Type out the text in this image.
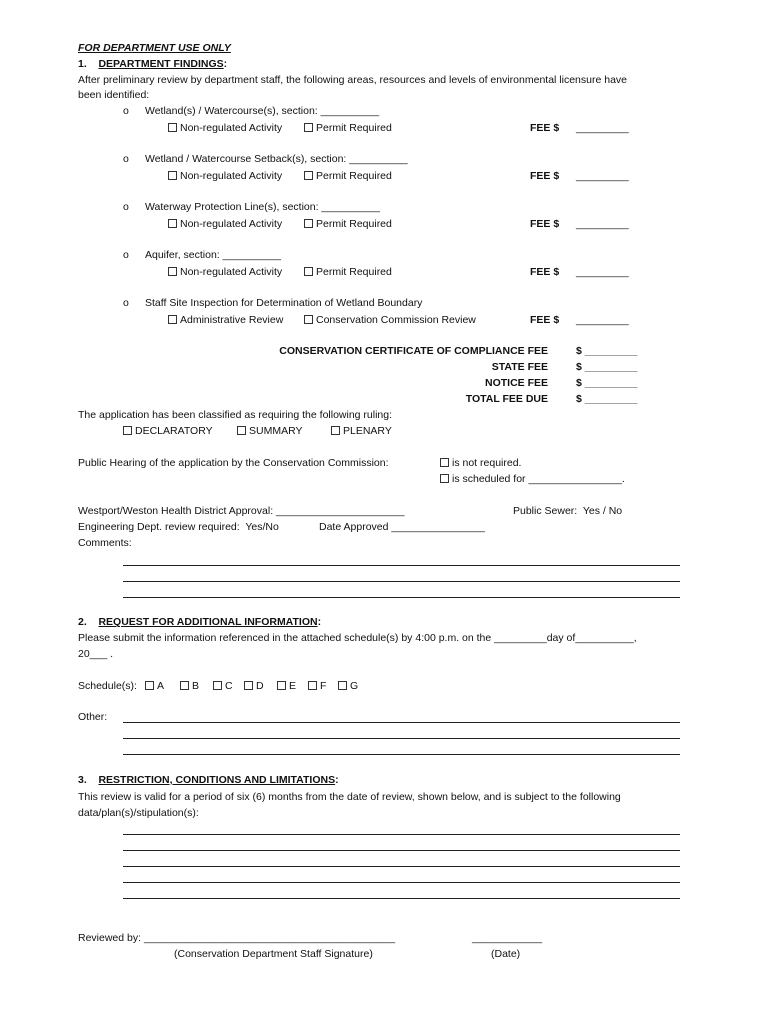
FOR DEPARTMENT USE ONLY
1. DEPARTMENT FINDINGS:
After preliminary review by department staff, the following areas, resources and levels of environmental licensure have
been identified:
o Wetland(s) / Watercourse(s), section: __________
Non-regulated Activity	Permit Required	FEE $ _________
o Wetland / Watercourse Setback(s), section: __________
Non-regulated Activity	Permit Required	FEE $ _________
o Waterway Protection Line(s), section: __________
Non-regulated Activity	Permit Required	FEE $ _________
o Aquifer, section: __________
Non-regulated Activity	Permit Required	FEE $ _________
o Staff Site Inspection for Determination of Wetland Boundary
Administrative Review	Conservation Commission Review	FEE $ _________
CONSERVATION CERTIFICATE OF COMPLIANCE FEE	$ _________
STATE FEE	$ _________
NOTICE FEE	$ _________
TOTAL FEE DUE	$ _________
The application has been classified as requiring the following ruling:
DECLARATORY	SUMMARY	PLENARY
Public Hearing of the application by the Conservation Commission:	is not required.
is scheduled for ________________.
Westport/Weston Health District Approval: ______________________	Public Sewer:  Yes / No
Engineering Dept. review required:  Yes/No	Date Approved ________________
Comments:
2. REQUEST FOR ADDITIONAL INFORMATION:
Please submit the information referenced in the attached schedule(s) by 4:00 p.m. on the _________day of__________,
20___ .
Schedule(s):	A	B	C	D	E	F	G
Other:
3. RESTRICTION, CONDITIONS AND LIMITATIONS:
This review is valid for a period of six (6) months from the date of review, shown below, and is subject to the following
data/plan(s)/stipulation(s):
Reviewed by: ___________________________________________	____________
(Conservation Department Staff Signature)	(Date)
